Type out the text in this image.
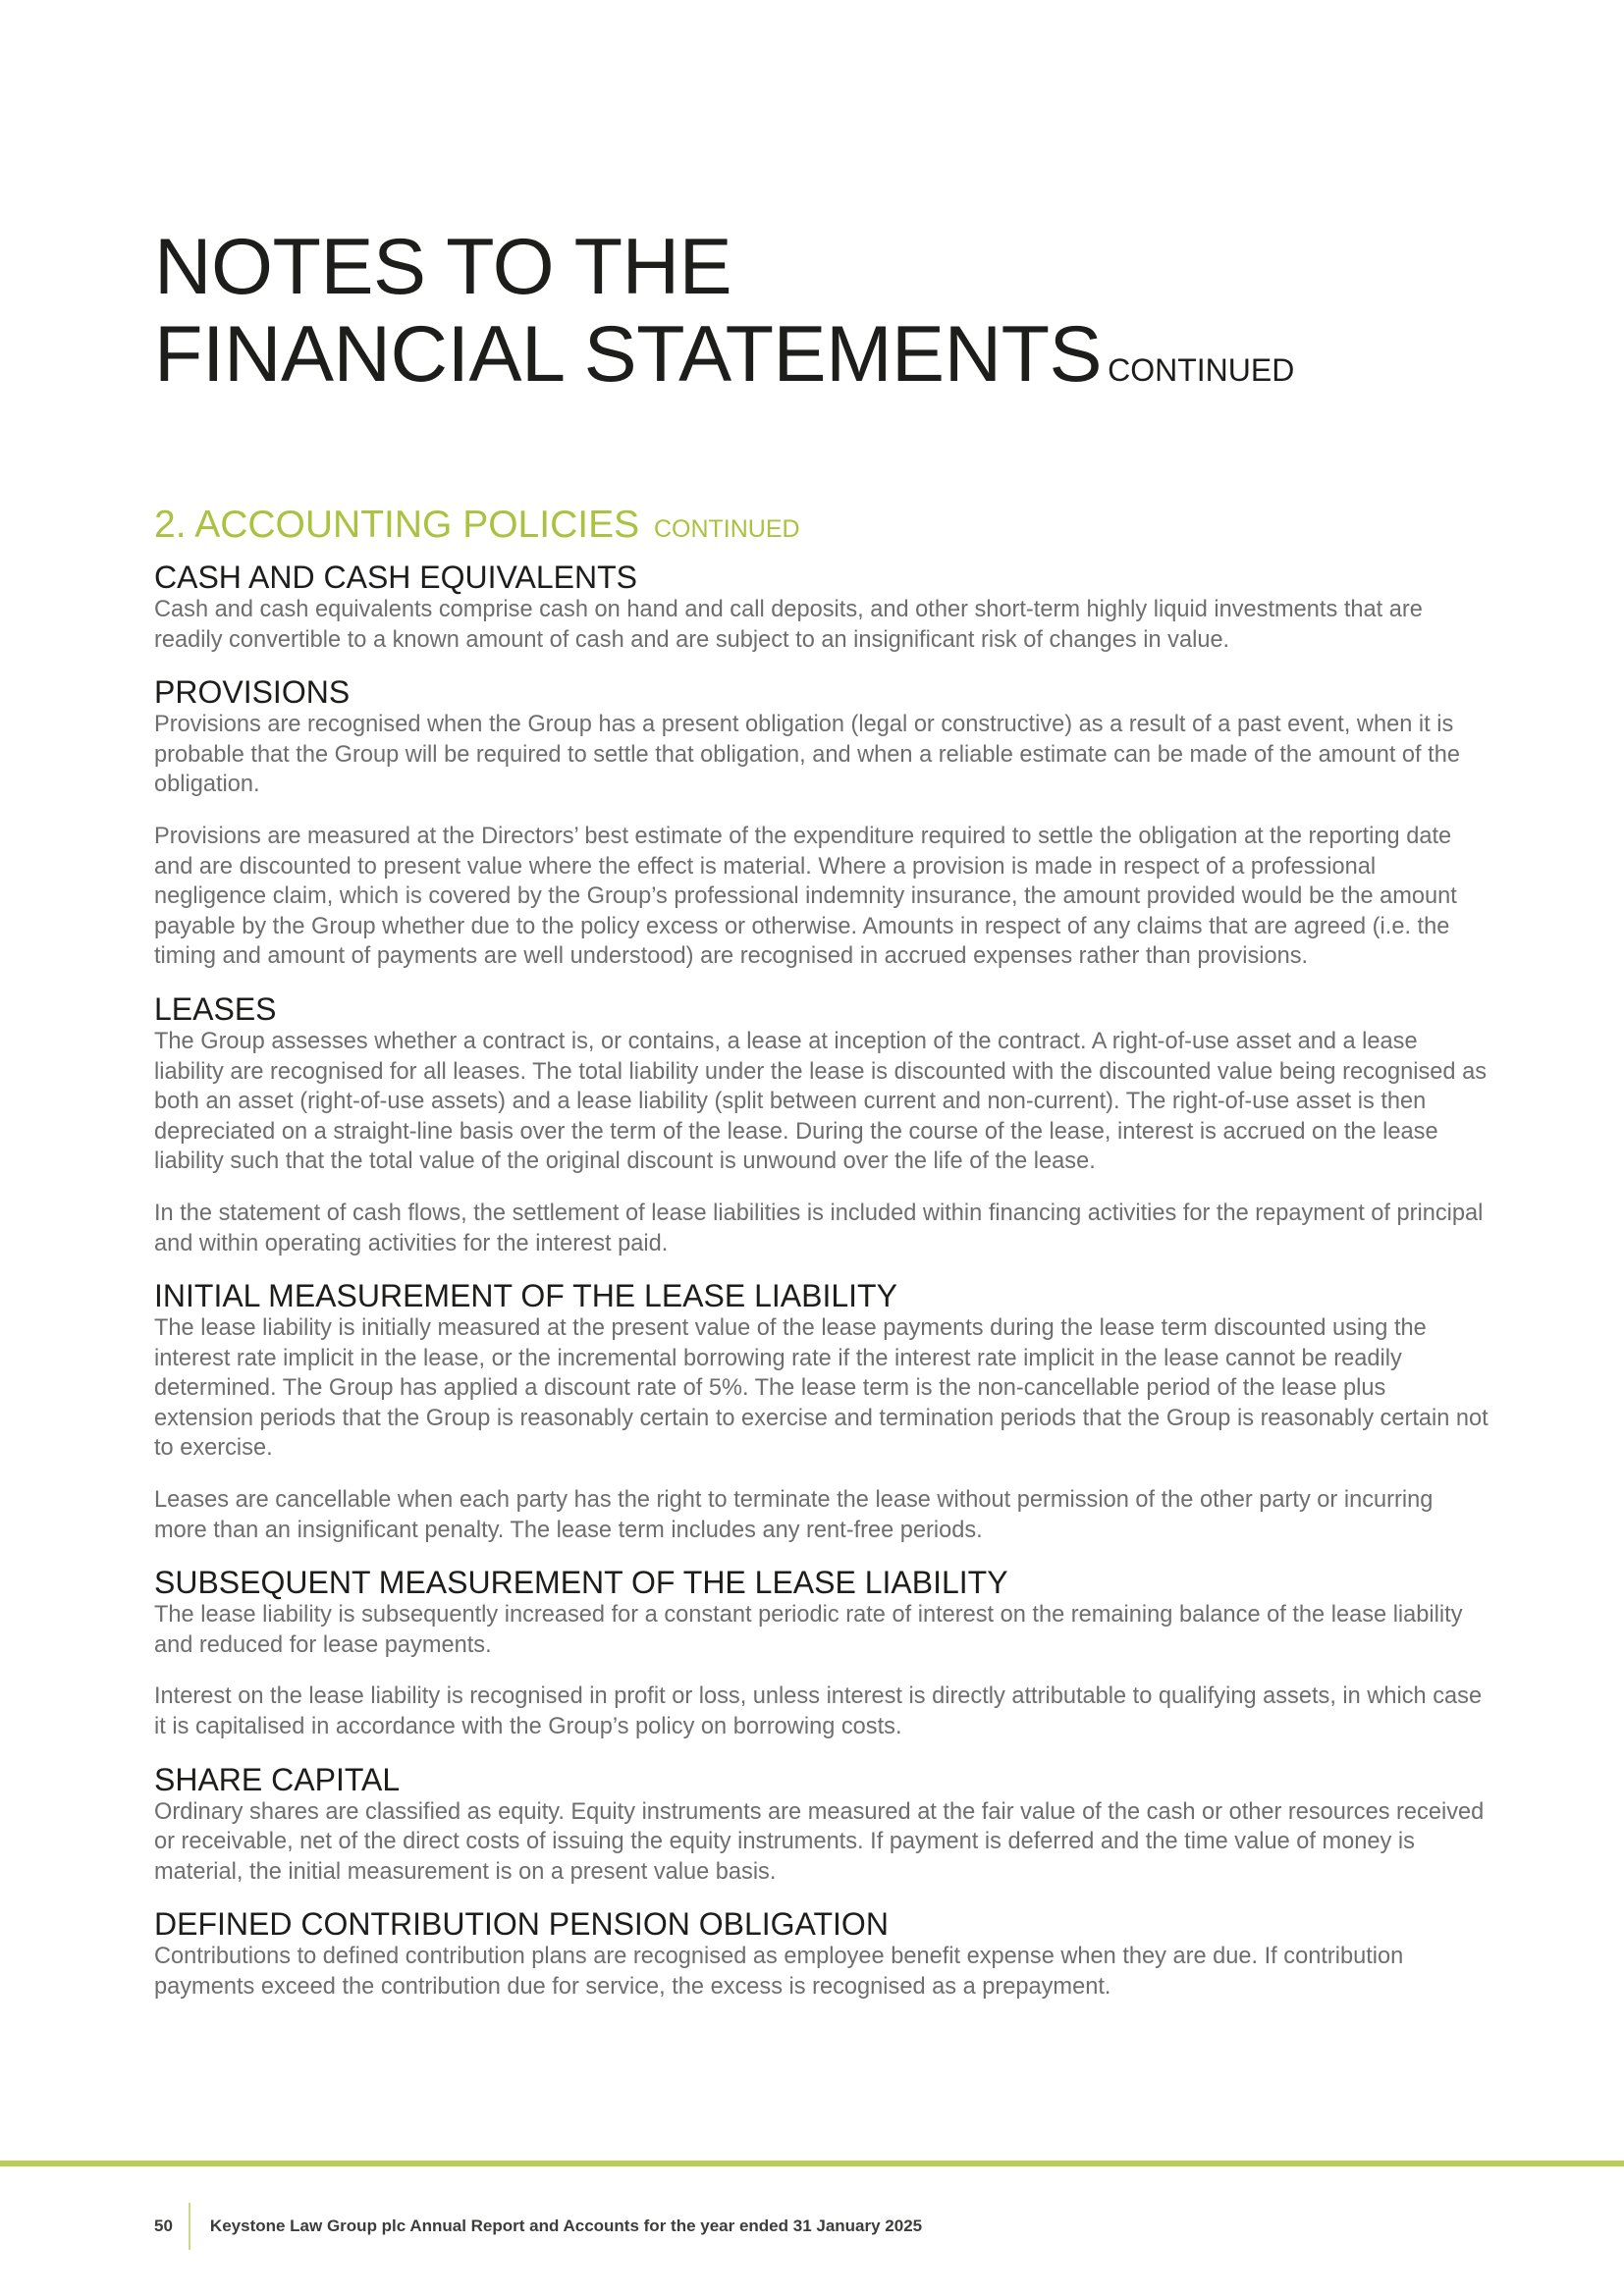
NOTES TO THE
FINANCIAL STATEMENTS CONTINUED
2. ACCOUNTING POLICIES CONTINUED
CASH AND CASH EQUIVALENTS

Cash and cash equivalents comprise cash on hand and call deposits, and other short-term highly liquid investments that are readily convertible to a known amount of cash and are subject to an insignificant risk of changes in value.

PROVISIONS

Provisions are recognised when the Group has a present obligation (legal or constructive) as a result of a past event, when it is probable that the Group will be required to settle that obligation, and when a reliable estimate can be made of the amount of the obligation.

Provisions are measured at the Directors’ best estimate of the expenditure required to settle the obligation at the reporting date and are discounted to present value where the effect is material. Where a provision is made in respect of a professional negligence claim, which is covered by the Group’s professional indemnity insurance, the amount provided would be the amount payable by the Group whether due to the policy excess or otherwise. Amounts in respect of any claims that are agreed (i.e. the timing and amount of payments are well understood) are recognised in accrued expenses rather than provisions.

LEASES

The Group assesses whether a contract is, or contains, a lease at inception of the contract. A right-of-use asset and a lease liability are recognised for all leases. The total liability under the lease is discounted with the discounted value being recognised as both an asset (right-of-use assets) and a lease liability (split between current and non-current). The right-of-use asset is then depreciated on a straight-line basis over the term of the lease. During the course of the lease, interest is accrued on the lease liability such that the total value of the original discount is unwound over the life of the lease.

In the statement of cash flows, the settlement of lease liabilities is included within financing activities for the repayment of principal and within operating activities for the interest paid.

INITIAL MEASUREMENT OF THE LEASE LIABILITY

The lease liability is initially measured at the present value of the lease payments during the lease term discounted using the interest rate implicit in the lease, or the incremental borrowing rate if the interest rate implicit in the lease cannot be readily determined. The Group has applied a discount rate of 5%. The lease term is the non-cancellable period of the lease plus extension periods that the Group is reasonably certain to exercise and termination periods that the Group is reasonably certain not to exercise.

Leases are cancellable when each party has the right to terminate the lease without permission of the other party or incurring more than an insignificant penalty. The lease term includes any rent-free periods.

SUBSEQUENT MEASUREMENT OF THE LEASE LIABILITY

The lease liability is subsequently increased for a constant periodic rate of interest on the remaining balance of the lease liability and reduced for lease payments.

Interest on the lease liability is recognised in profit or loss, unless interest is directly attributable to qualifying assets, in which case it is capitalised in accordance with the Group’s policy on borrowing costs.

SHARE CAPITAL

Ordinary shares are classified as equity. Equity instruments are measured at the fair value of the cash or other resources received or receivable, net of the direct costs of issuing the equity instruments. If payment is deferred and the time value of money is material, the initial measurement is on a present value basis.

DEFINED CONTRIBUTION PENSION OBLIGATION

Contributions to defined contribution plans are recognised as employee benefit expense when they are due. If contribution payments exceed the contribution due for service, the excess is recognised as a prepayment.

50	Keystone Law Group plc Annual Report and Accounts for the year ended 31 January 2025
